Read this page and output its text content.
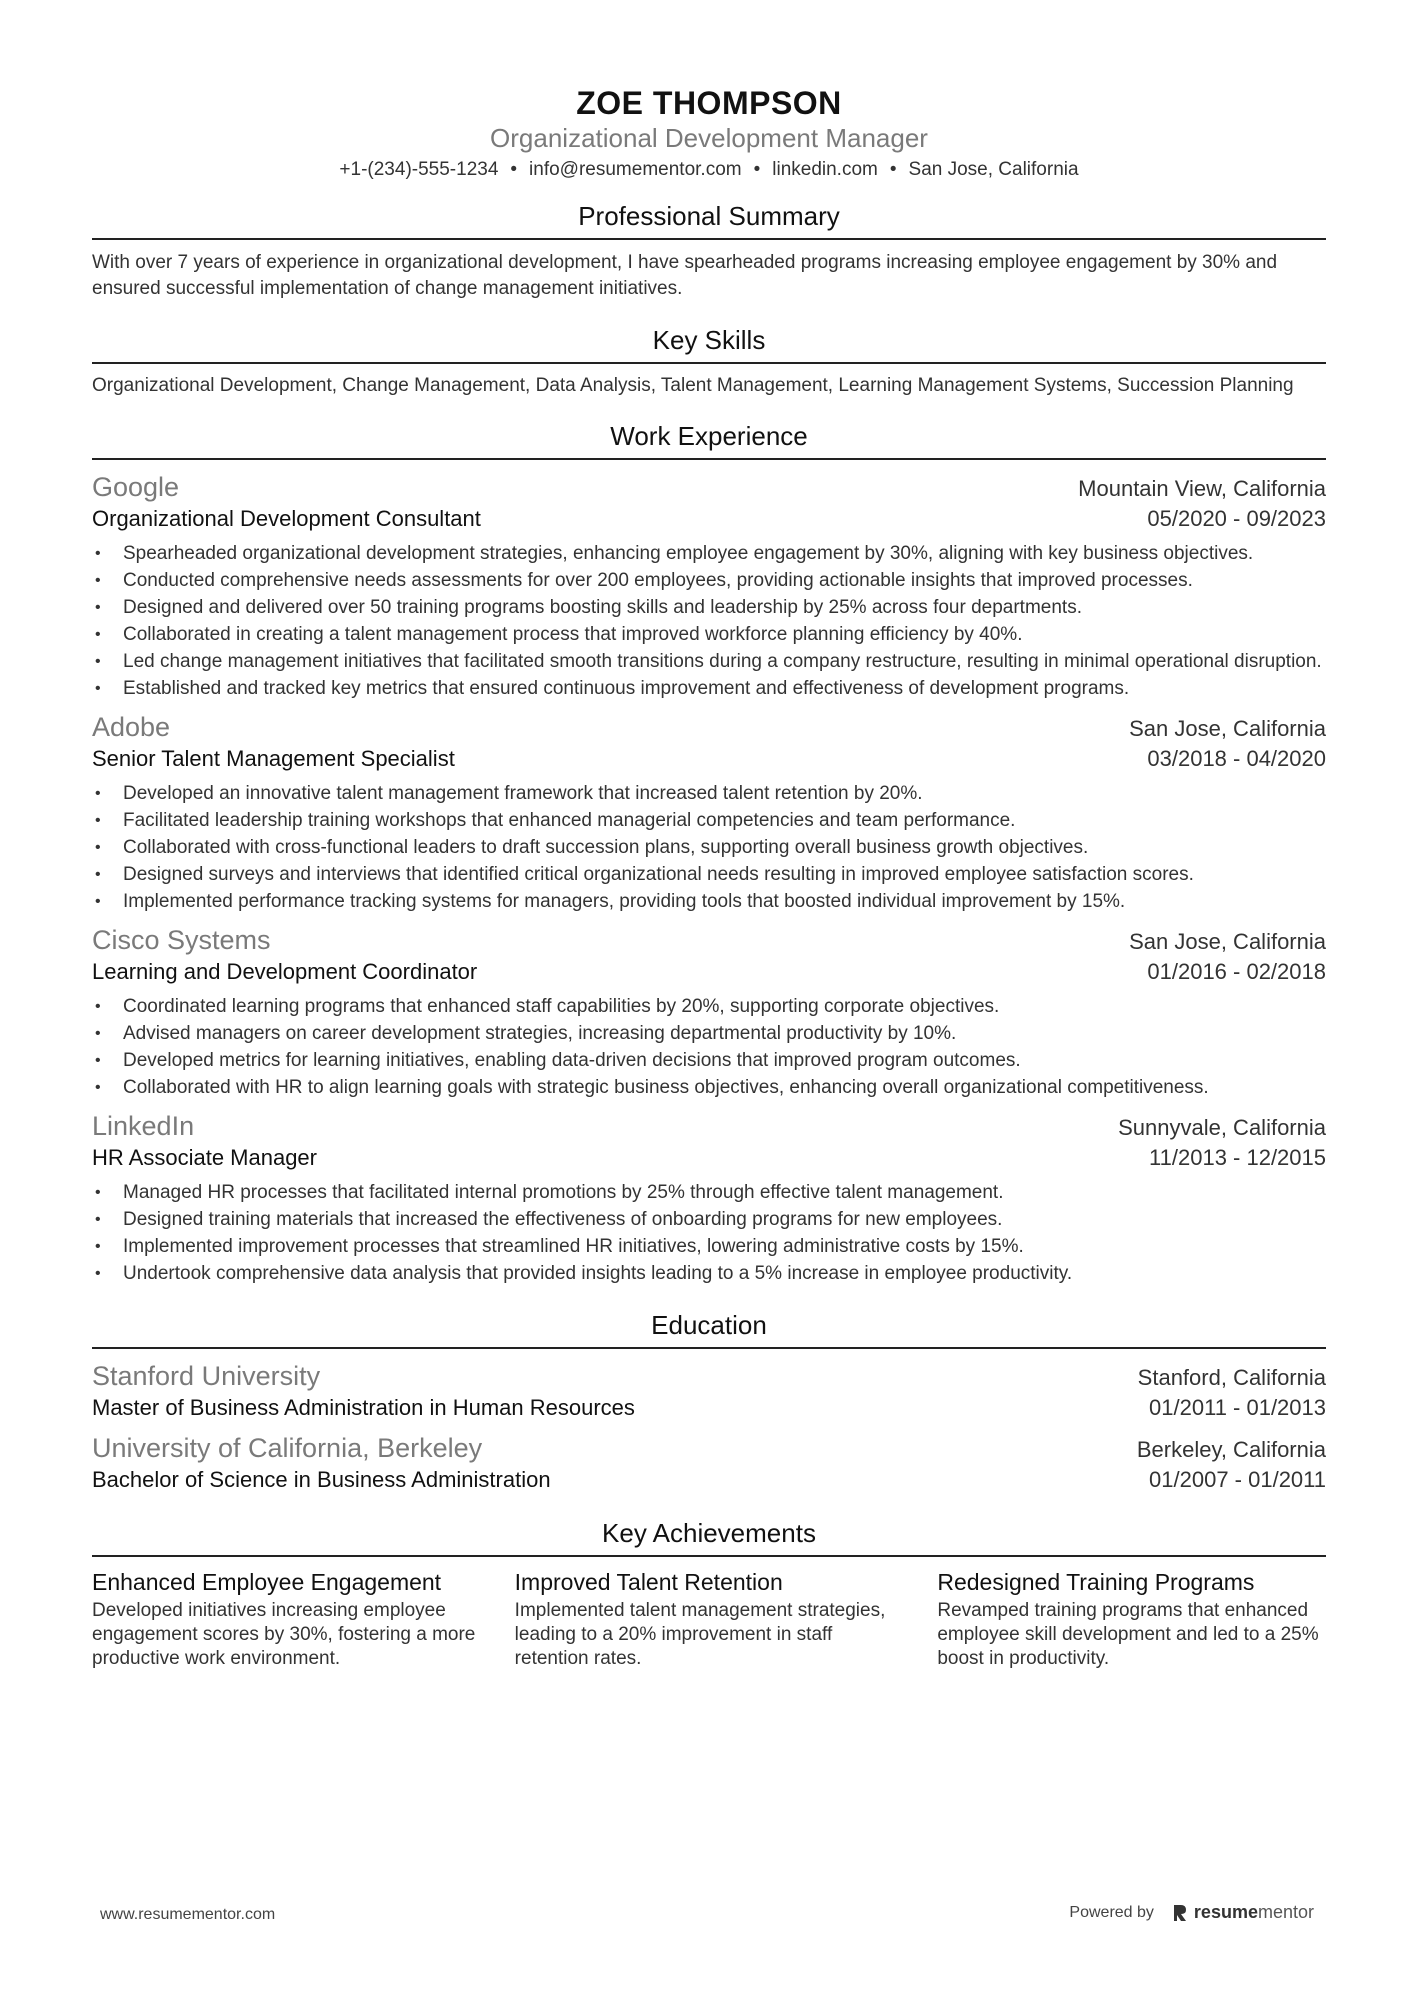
ZOE THOMPSON
Organizational Development Manager
+1-(234)-555-1234 • info@resumementor.com • linkedin.com • San Jose, California
Professional Summary
With over 7 years of experience in organizational development, I have spearheaded programs increasing employee engagement by 30% and ensured successful implementation of change management initiatives.
Key Skills
Organizational Development, Change Management, Data Analysis, Talent Management, Learning Management Systems, Succession Planning
Work Experience
Google	Mountain View, California
Organizational Development Consultant	05/2020 - 09/2023
• Spearheaded organizational development strategies, enhancing employee engagement by 30%, aligning with key business objectives.
• Conducted comprehensive needs assessments for over 200 employees, providing actionable insights that improved processes.
• Designed and delivered over 50 training programs boosting skills and leadership by 25% across four departments.
• Collaborated in creating a talent management process that improved workforce planning efficiency by 40%.
• Led change management initiatives that facilitated smooth transitions during a company restructure, resulting in minimal operational disruption.
• Established and tracked key metrics that ensured continuous improvement and effectiveness of development programs.
Adobe	San Jose, California
Senior Talent Management Specialist	03/2018 - 04/2020
• Developed an innovative talent management framework that increased talent retention by 20%.
• Facilitated leadership training workshops that enhanced managerial competencies and team performance.
• Collaborated with cross-functional leaders to draft succession plans, supporting overall business growth objectives.
• Designed surveys and interviews that identified critical organizational needs resulting in improved employee satisfaction scores.
• Implemented performance tracking systems for managers, providing tools that boosted individual improvement by 15%.
Cisco Systems	San Jose, California
Learning and Development Coordinator	01/2016 - 02/2018
• Coordinated learning programs that enhanced staff capabilities by 20%, supporting corporate objectives.
• Advised managers on career development strategies, increasing departmental productivity by 10%.
• Developed metrics for learning initiatives, enabling data-driven decisions that improved program outcomes.
• Collaborated with HR to align learning goals with strategic business objectives, enhancing overall organizational competitiveness.
LinkedIn	Sunnyvale, California
HR Associate Manager	11/2013 - 12/2015
• Managed HR processes that facilitated internal promotions by 25% through effective talent management.
• Designed training materials that increased the effectiveness of onboarding programs for new employees.
• Implemented improvement processes that streamlined HR initiatives, lowering administrative costs by 15%.
• Undertook comprehensive data analysis that provided insights leading to a 5% increase in employee productivity.
Education
Stanford University	Stanford, California
Master of Business Administration in Human Resources	01/2011 - 01/2013
University of California, Berkeley	Berkeley, California
Bachelor of Science in Business Administration	01/2007 - 01/2011
Key Achievements
Enhanced Employee Engagement
Developed initiatives increasing employee engagement scores by 30%, fostering a more productive work environment.
Improved Talent Retention
Implemented talent management strategies, leading to a 20% improvement in staff retention rates.
Redesigned Training Programs
Revamped training programs that enhanced employee skill development and led to a 25% boost in productivity.
www.resumementor.com	Powered by resumementor
